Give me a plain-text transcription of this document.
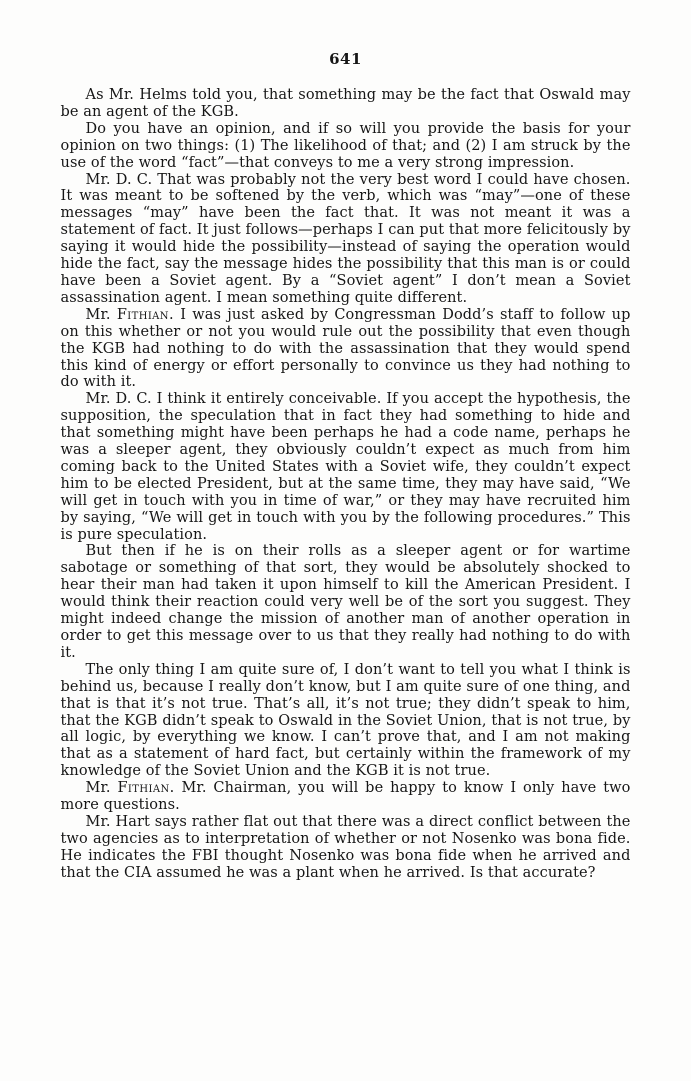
641

As Mr. Helms told you, that something may be the fact that Oswald may be an agent of the KGB.

Do you have an opinion, and if so will you provide the basis for your opinion on two things: (1) The likelihood of that; and (2) I am struck by the use of the word “fact”—that conveys to me a very strong impression.

Mr. D. C. That was probably not the very best word I could have chosen. It was meant to be softened by the verb, which was “may”—one of these messages “may” have been the fact that. It was not meant it was a statement of fact. It just follows—perhaps I can put that more felicitously by saying it would hide the possibility—instead of saying the operation would hide the fact, say the message hides the possibility that this man is or could have been a Soviet agent. By a “Soviet agent” I don’t mean a Soviet assassination agent. I mean something quite different.

Mr. Fithian. I was just asked by Congressman Dodd’s staff to follow up on this whether or not you would rule out the possibility that even though the KGB had nothing to do with the assassination that they would spend this kind of energy or effort personally to convince us they had nothing to do with it.

Mr. D. C. I think it entirely conceivable. If you accept the hypothesis, the supposition, the speculation that in fact they had something to hide and that something might have been perhaps he had a code name, perhaps he was a sleeper agent, they obviously couldn’t expect as much from him coming back to the United States with a Soviet wife, they couldn’t expect him to be elected President, but at the same time, they may have said, “We will get in touch with you in time of war,” or they may have recruited him by saying, “We will get in touch with you by the following procedures.” This is pure speculation.

But then if he is on their rolls as a sleeper agent or for wartime sabotage or something of that sort, they would be absolutely shocked to hear their man had taken it upon himself to kill the American President. I would think their reaction could very well be of the sort you suggest. They might indeed change the mission of another man of another operation in order to get this message over to us that they really had nothing to do with it.

The only thing I am quite sure of, I don’t want to tell you what I think is behind us, because I really don’t know, but I am quite sure of one thing, and that is that it’s not true. That’s all, it’s not true; they didn’t speak to him, that the KGB didn’t speak to Oswald in the Soviet Union, that is not true, by all logic, by everything we know. I can’t prove that, and I am not making that as a statement of hard fact, but certainly within the framework of my knowledge of the Soviet Union and the KGB it is not true.

Mr. Fithian. Mr. Chairman, you will be happy to know I only have two more questions.

Mr. Hart says rather flat out that there was a direct conflict between the two agencies as to interpretation of whether or not Nosenko was bona fide. He indicates the FBI thought Nosenko was bona fide when he arrived and that the CIA assumed he was a plant when he arrived. Is that accurate?
